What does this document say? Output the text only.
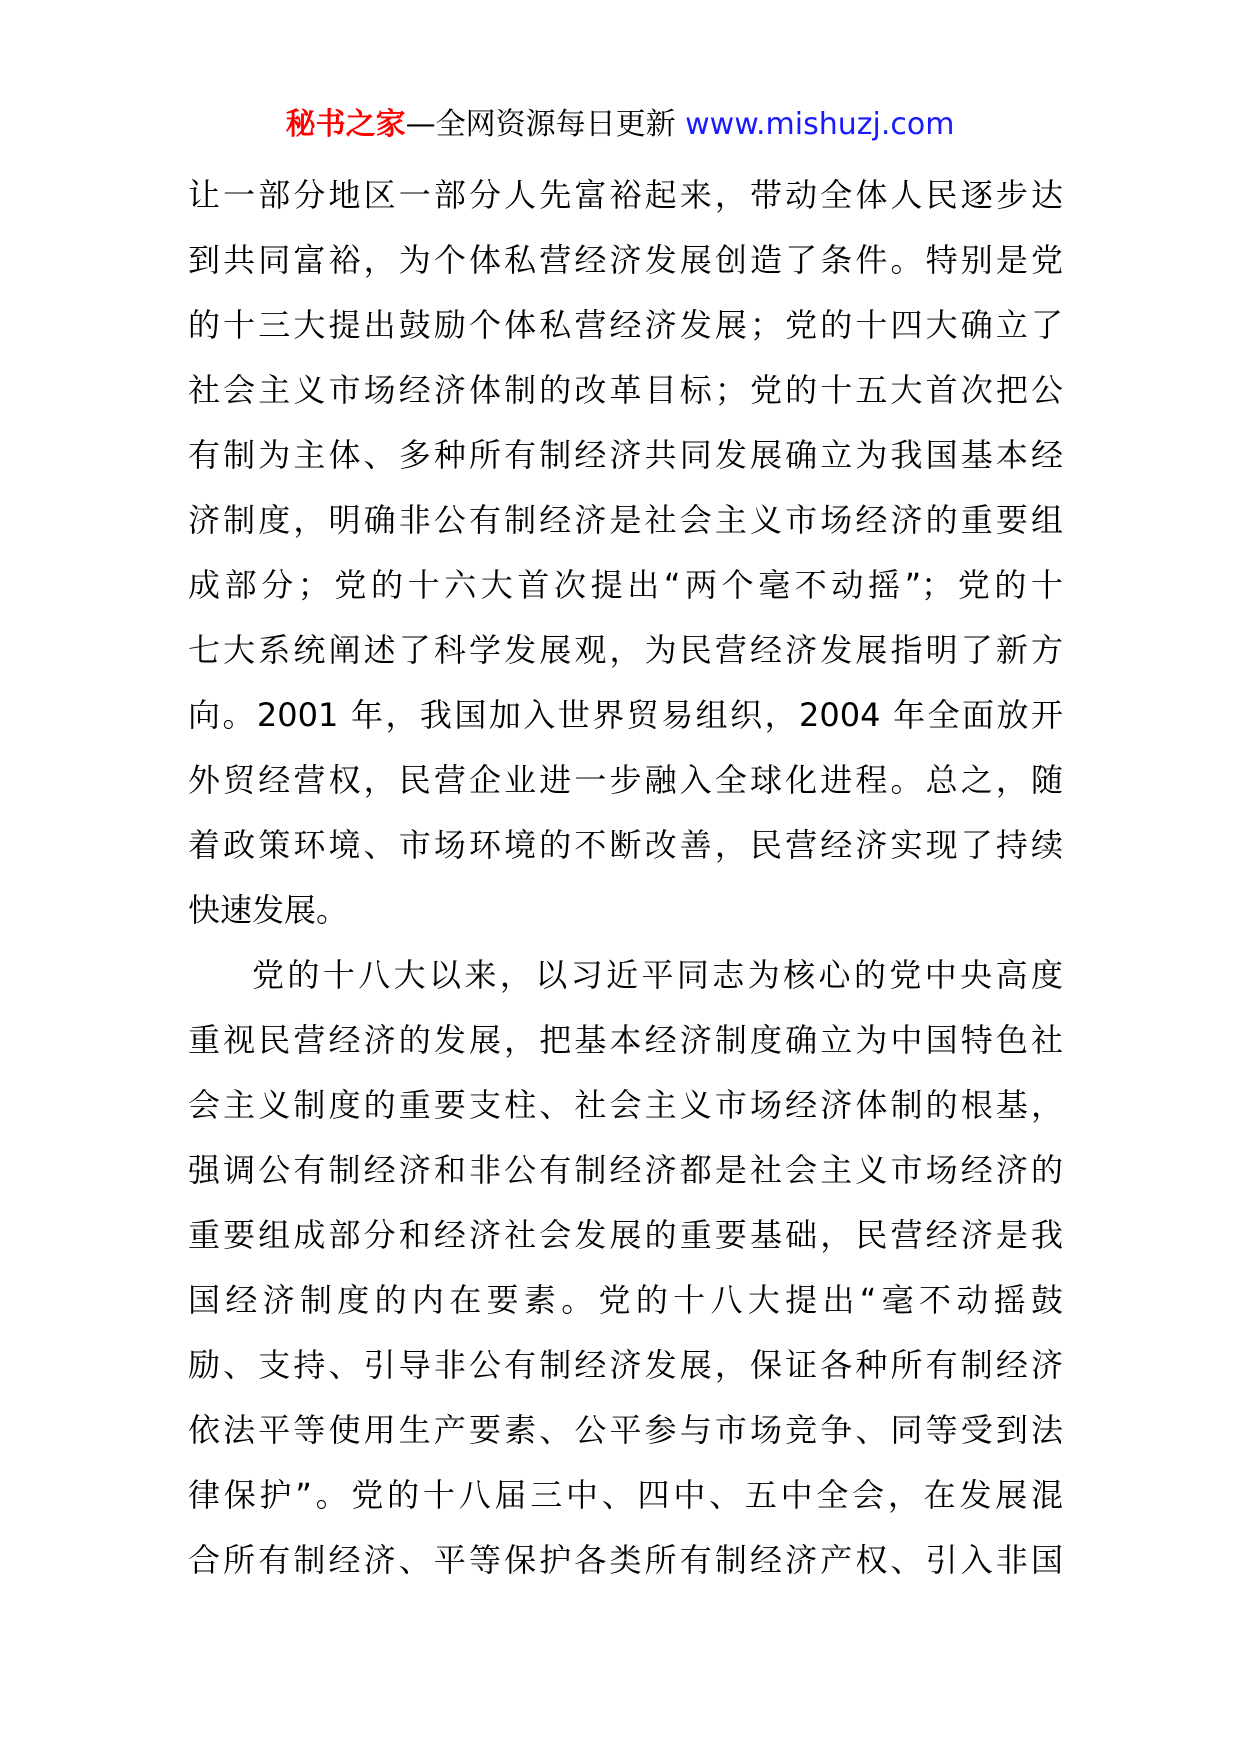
秘书之家—全网资源每日更新 www.mishuzj.com
让一部分地区一部分人先富裕起来，带动全体人民逐步达
到共同富裕，为个体私营经济发展创造了条件。特别是党
的十三大提出鼓励个体私营经济发展；党的十四大确立了
社会主义市场经济体制的改革目标；党的十五大首次把公
有制为主体、多种所有制经济共同发展确立为我国基本经
济制度，明确非公有制经济是社会主义市场经济的重要组
成部分；党的十六大首次提出“两个毫不动摇”；党的十
七大系统阐述了科学发展观，为民营经济发展指明了新方
向。2001 年，我国加入世界贸易组织，2004 年全面放开
外贸经营权，民营企业进一步融入全球化进程。总之，随
着政策环境、市场环境的不断改善，民营经济实现了持续
快速发展。
党的十八大以来，以习近平同志为核心的党中央高度
重视民营经济的发展，把基本经济制度确立为中国特色社
会主义制度的重要支柱、社会主义市场经济体制的根基，
强调公有制经济和非公有制经济都是社会主义市场经济的
重要组成部分和经济社会发展的重要基础，民营经济是我
国经济制度的内在要素。党的十八大提出“毫不动摇鼓
励、支持、引导非公有制经济发展，保证各种所有制经济
依法平等使用生产要素、公平参与市场竞争、同等受到法
律保护”。党的十八届三中、四中、五中全会，在发展混
合所有制经济、平等保护各类所有制经济产权、引入非国
